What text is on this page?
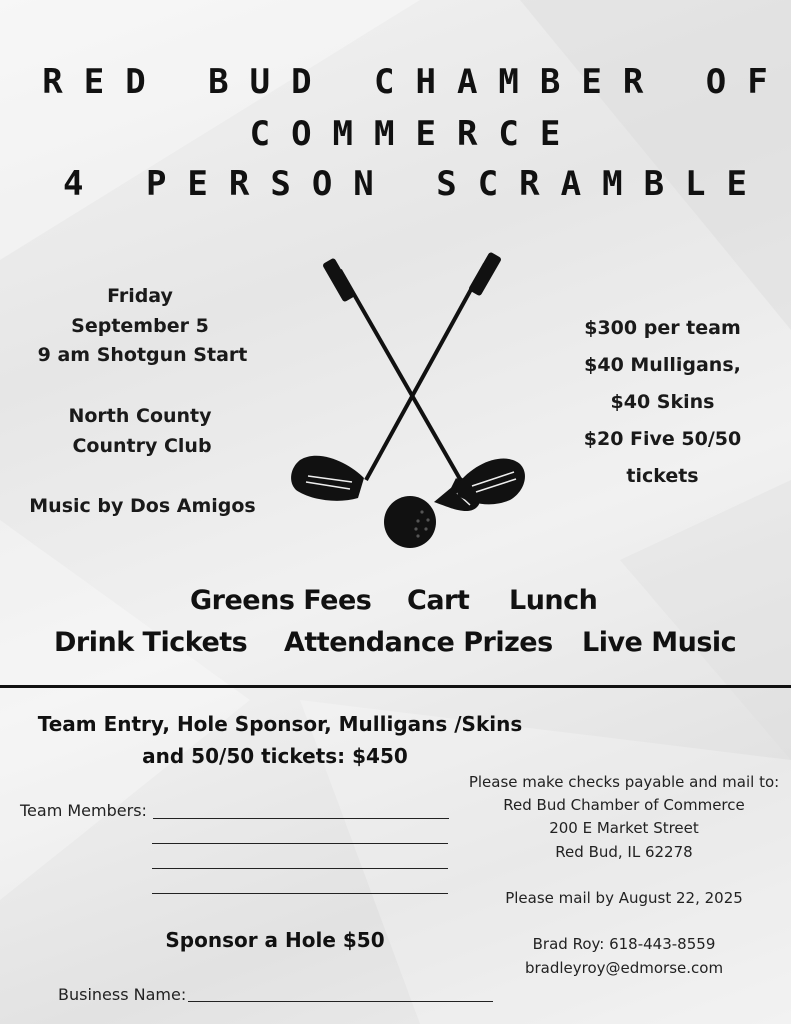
RED BUD CHAMBER OF
COMMERCE
4 PERSON SCRAMBLE
Friday
September 5
9 am Shotgun Start
North County
Country Club
Music by Dos Amigos
$300 per team
$40 Mulligans,
$40 Skins
$20 Five 50/50
tickets
Greens Fees Cart Lunch
Drink Tickets Attendance Prizes Live Music
Team Entry, Hole Sponsor, Mulligans /Skins
and 50/50 tickets: $450
Team Members:
Sponsor a Hole $50
Business Name:
Please make checks payable and mail to:
Red Bud Chamber of Commerce
200 E Market Street
Red Bud, IL 62278
Please mail by August 22, 2025
Brad Roy: 618-443-8559
bradleyroy@edmorse.com
